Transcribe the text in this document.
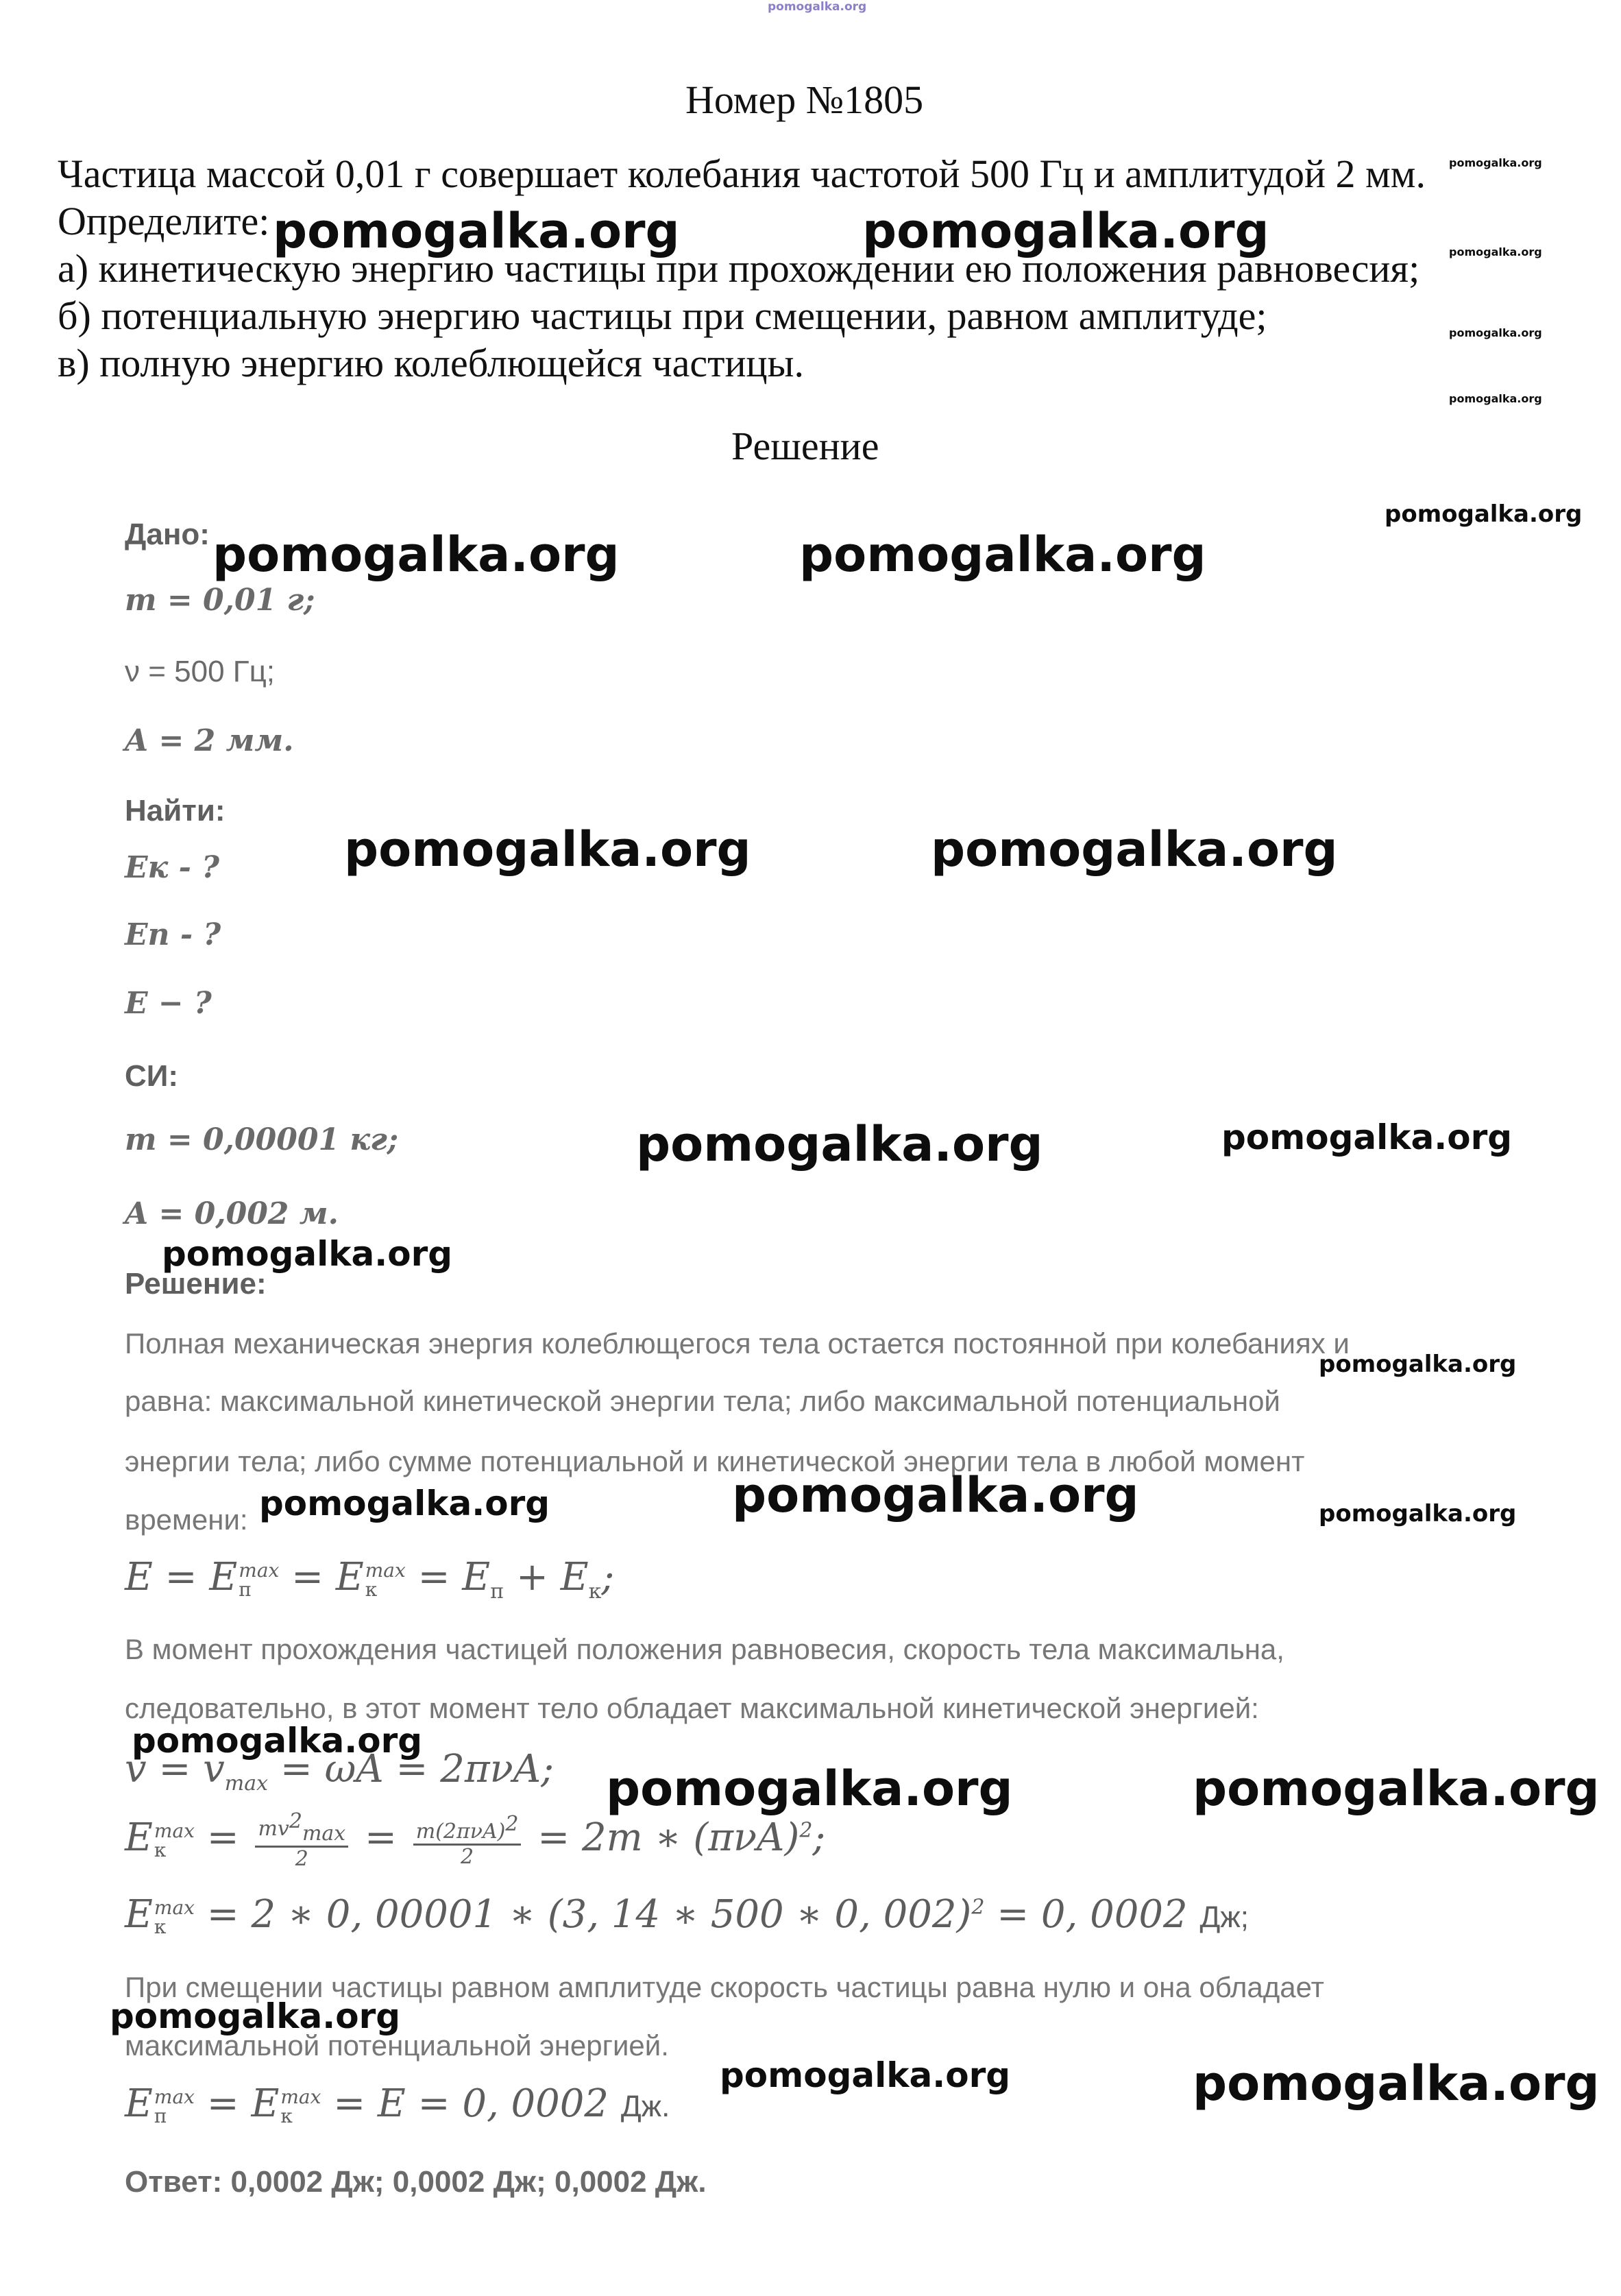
pomogalka.org
Номер №1805
Частица массой 0,01 г совершает колебания частотой 500 Гц и амплитудой 2 мм.
Определите:
а) кинетическую энергию частицы при прохождении ею положения равновесия;
б) потенциальную энергию частицы при смещении, равном амплитуде;
в) полную энергию колеблющейся частицы.
Решение
Дано:
m = 0,01 г;
ν = 500 Гц;
A = 2 мм.
Найти:
Eк - ?
Eп - ?
E − ?
СИ:
m = 0,00001 кг;
A = 0,002 м.
Решение:
Полная механическая энергия колеблющегося тела остается постоянной при колебаниях и
равна: максимальной кинетической энергии тела; либо максимальной потенциальной
энергии тела; либо сумме потенциальной и кинетической энергии тела в любой момент
времени:
E = E max
п = E max
$к = E_п + E_к$;
В момент прохождения частицей положения равновесия, скорость тела максимальна,
следовательно, в этот момент тело обладает максимальной кинетической энергией:
$v = v_{max} = \omega A = 2\pi\nu A$;
E max
$к = \frac{mv^2_{max}}{2} = \frac{m(2\pi\nu A)^2}{2} = 2m$ ∗ $(\pi\nu A)^2$;
E max
к = 2 ∗ 0, 00001 ∗ (3, 14 ∗ 500 ∗ 0, 002)$^2$ = 0, 0002 Дж;
При смещении частицы равном амплитуде скорость частицы равна нулю и она обладает
максимальной потенциальной энергией.
E max
п = E max
к = E = 0, 0002 Дж.
Ответ: 0,0002 Дж; 0,0002 Дж; 0,0002 Дж.
pomogalka.org	pomogalka.org
pomogalka.org
pomogalka.org
pomogalka.org
pomogalka.org
pomogalka.org
pomogalka.org	pomogalka.org
pomogalka.org	pomogalka.org
pomogalka.org	pomogalka.org
pomogalka.org
pomogalka.org
pomogalka.org	pomogalka.org	pomogalka.org
pomogalka.org
pomogalka.org	pomogalka.org
pomogalka.org
pomogalka.org	pomogalka.org
